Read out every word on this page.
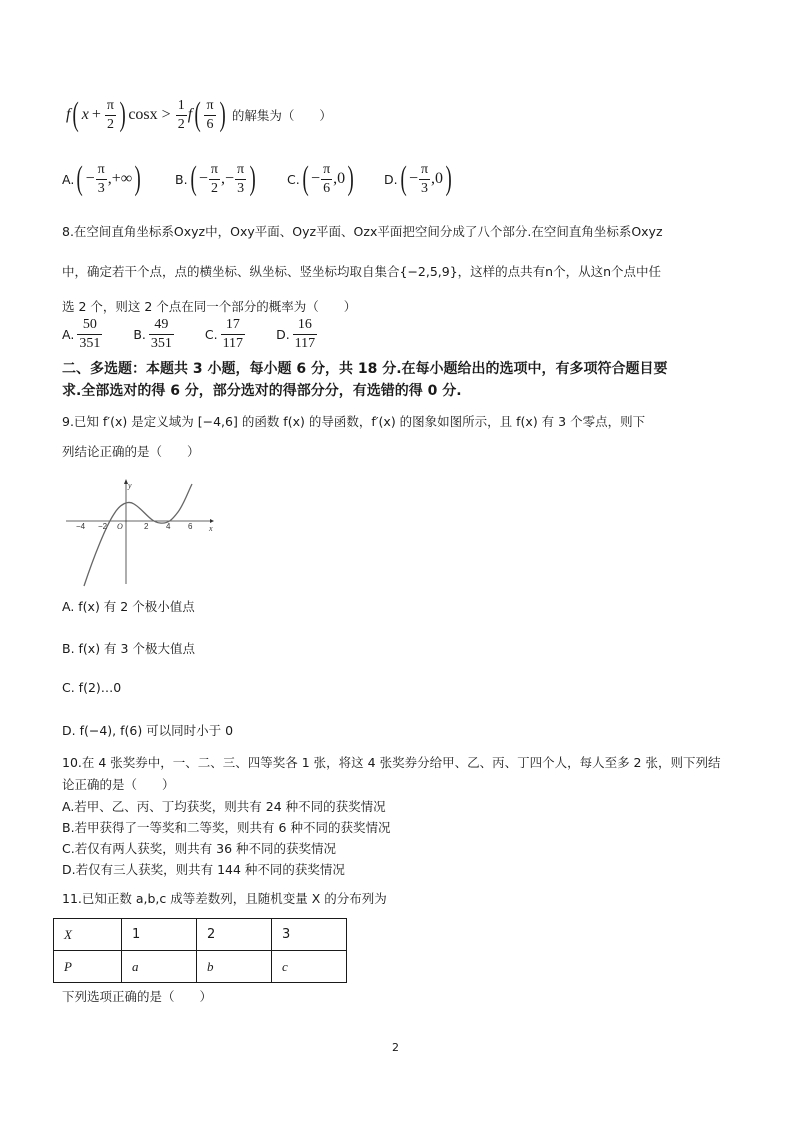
f ( $x + \frac{\pi}{2}$ ) $\cos x > \frac{1}{2}$ f ( $\frac{\pi}{6}$ ) 的解集为（　　）
A. ( − $\frac{\pi}{3}$ ,+∞ )	B. ( − $\frac{\pi}{2}$ ,− $\frac{\pi}{3}$ ) C. ( − $\frac{\pi}{6} ,0$ ) D. ( − $\frac{\pi}{3} ,0$ )
8.在空间直角坐标系Oxyz中，Oxy平面、Oyz平面、Ozx平面把空间分成了八个部分.在空间直角坐标系Oxyz
中，确定若干个点，点的横坐标、纵坐标、竖坐标均取自集合{−2,5,9}，这样的点共有n个，从这n个点中任
选 2 个，则这 2 个点在同一个部分的概率为（　　）
A. $\frac{50}{351} B$. $\frac{49}{351} C$. $\frac{17}{117} D$. $\frac{16}{117}$
二、多选题：本题共 3 小题，每小题 6 分，共 18 分.在每小题给出的选项中，有多项符合题目要
求.全部选对的得 6 分，部分选对的得部分分，有选错的得 0 分.
9.已知 f′(x) 是定义域为 [−4,6] 的函数 f(x) 的导函数，f′(x) 的图象如图所示，且 f(x) 有 3 个零点，则下
列结论正确的是（　　）
y
x
−4 −2 O	2 4 6
A. f(x) 有 2 个极小值点
B. f(x) 有 3 个极大值点
C. f(2)…0
D. f(−4), f(6) 可以同时小于 0
10.在 4 张奖券中，一、二、三、四等奖各 1 张，将这 4 张奖券分给甲、乙、丙、丁四个人，每人至多 2 张，则下列结
论正确的是（　　）
A.若甲、乙、丙、丁均获奖，则共有 24 种不同的获奖情况
B.若甲获得了一等奖和二等奖，则共有 6 种不同的获奖情况
C.若仅有两人获奖，则共有 36 种不同的获奖情况
D.若仅有三人获奖，则共有 144 种不同的获奖情况
11.已知正数 a,b,c 成等差数列，且随机变量 X 的分布列为
X	1	2	3
P	a	b	c
下列选项正确的是（　　）
2
